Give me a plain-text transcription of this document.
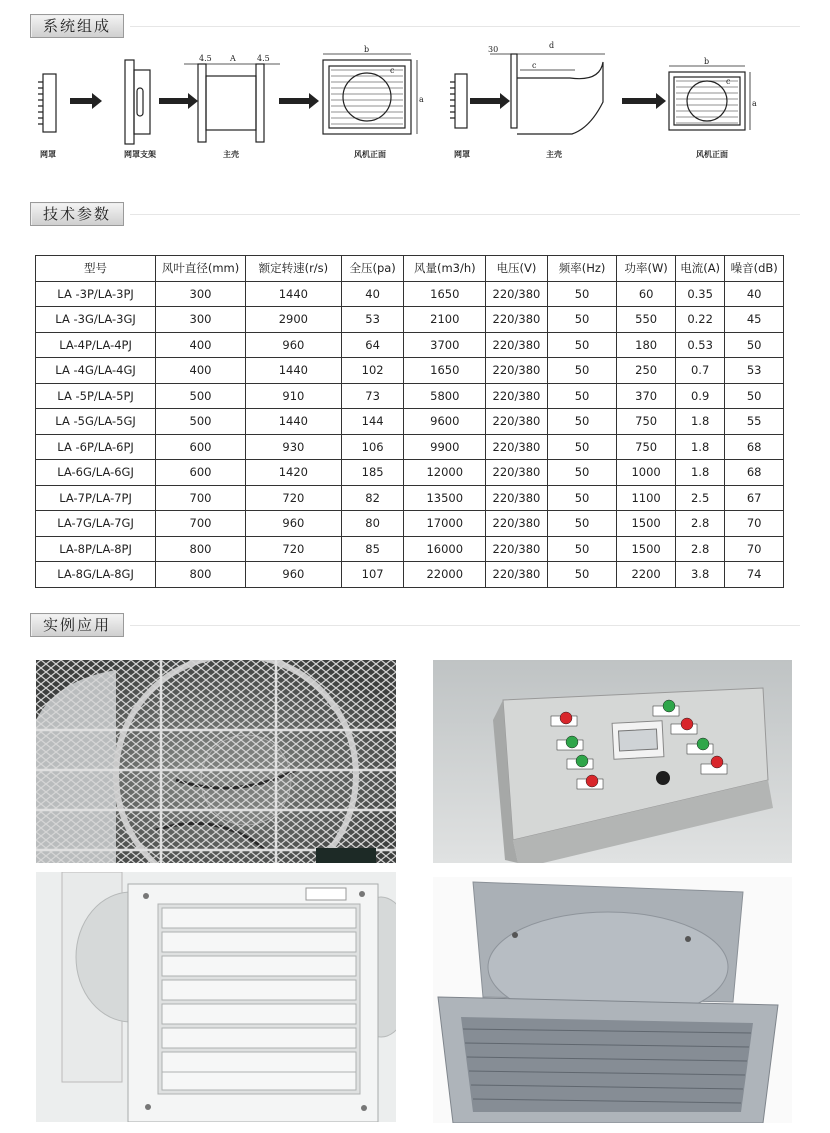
系统组成
4.5 A	4.5
b
a
c
30	d
c	b
a
c
网罩	网罩支架	主壳	风机正面	网罩	主壳	风机正面
技术参数
型号	风叶直径(mm)	额定转速(r/s)	全压(pa)	风量(m3/h)	电压(V)	频率(Hz)	功率(W)	电流(A)	噪音(dB)
LA -3P/LA-3PJ	300	1440	40	1650	220/380	50	60	0.35	40
LA -3G/LA-3GJ	300	2900	53	2100	220/380	50	550	0.22	45
LA-4P/LA-4PJ	400	960	64	3700	220/380	50	180	0.53	50
LA -4G/LA-4GJ	400	1440	102	1650	220/380	50	250	0.7	53
LA -5P/LA-5PJ	500	910	73	5800	220/380	50	370	0.9	50
LA -5G/LA-5GJ	500	1440	144	9600	220/380	50	750	1.8	55
LA -6P/LA-6PJ	600	930	106	9900	220/380	50	750	1.8	68
LA-6G/LA-6GJ	600	1420	185	12000	220/380	50	1000	1.8	68
LA-7P/LA-7PJ	700	720	82	13500	220/380	50	1100	2.5	67
LA-7G/LA-7GJ	700	960	80	17000	220/380	50	1500	2.8	70
LA-8P/LA-8PJ	800	720	85	16000	220/380	50	1500	2.8	70
LA-8G/LA-8GJ	800	960	107	22000	220/380	50	2200	3.8	74
实例应用
